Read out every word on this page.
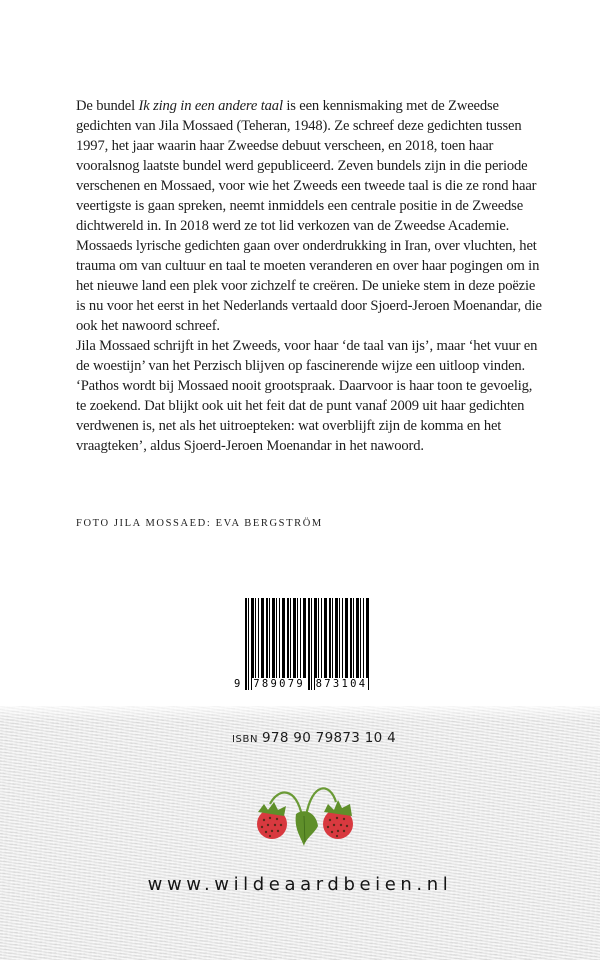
De bundel Ik zing in een andere taal is een kennismaking met de Zweedse gedichten van Jila Mossaed (Teheran, 1948). Ze schreef deze gedichten tussen 1997, het jaar waarin haar Zweedse debuut verscheen, en 2018, toen haar vooralsnog laatste bundel werd gepubliceerd. Zeven bundels zijn in die periode verschenen en Mossaed, voor wie het Zweeds een tweede taal is die ze rond haar veertigste is gaan spreken, neemt inmiddels een centrale positie in de Zweedse dichtwereld in. In 2018 werd ze tot lid verkozen van de Zweedse Academie.

Mossaeds lyrische gedichten gaan over onderdrukking in Iran, over vluchten, het trauma om van cultuur en taal te moeten veranderen en over haar pogingen om in het nieuwe land een plek voor zichzelf te creëren. De unieke stem in deze poëzie is nu voor het eerst in het Nederlands vertaald door Sjoerd-Jeroen Moenandar, die ook het nawoord schreef.

Jila Mossaed schrijft in het Zweeds, voor haar ‘de taal van ijs’, maar ‘het vuur en de woestijn’ van het Perzisch blijven op fascinerende wijze een uitloop vinden.

‘Pathos wordt bij Mossaed nooit grootspraak. Daarvoor is haar toon te gevoelig, te zoekend. Dat blijkt ook uit het feit dat de punt vanaf 2009 uit haar gedichten verdwenen is, net als het uitroepteken: wat overblijft zijn de komma en het vraagteken’, aldus Sjoerd-Jeroen Moenandar in het nawoord.

FOTO JILA MOSSAED: EVA BERGSTRÖM
9 789079 873104
ISBN 978 90 79873 10 4
www.wildeaardbeien.nl
